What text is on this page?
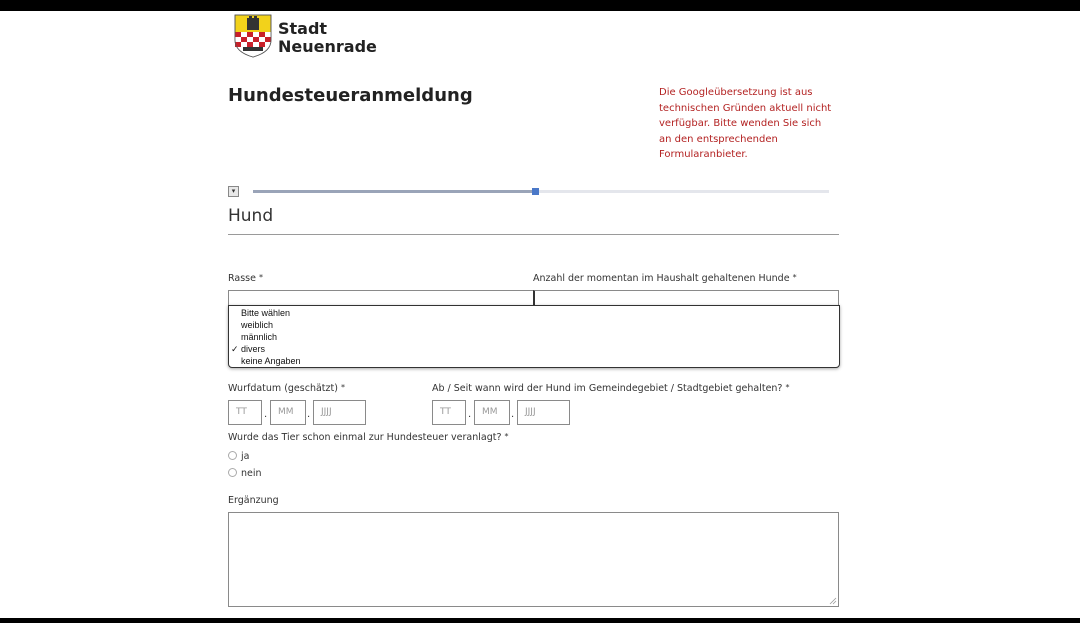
Stadt
Neuenrade
Hundesteueranmeldung	Die Googleübersetzung ist aus technischen Gründen aktuell nicht verfügbar. Bitte wenden Sie sich an den entsprechenden Formularanbieter.
▾
Hund
Rasse *	Anzahl der momentan im Haushalt gehaltenen Hunde *
Bitte wählen
weiblich
männlich
✓ divers
keine Angaben
Wurfdatum (geschätzt) *	Ab / Seit wann wird der Hund im Gemeindegebiet / Stadtgebiet gehalten? *
TT	.	MM	.	JJJJ	TT	.	MM	.	JJJJ
Wurde das Tier schon einmal zur Hundesteuer veranlagt? *
ja
nein
Ergänzung
